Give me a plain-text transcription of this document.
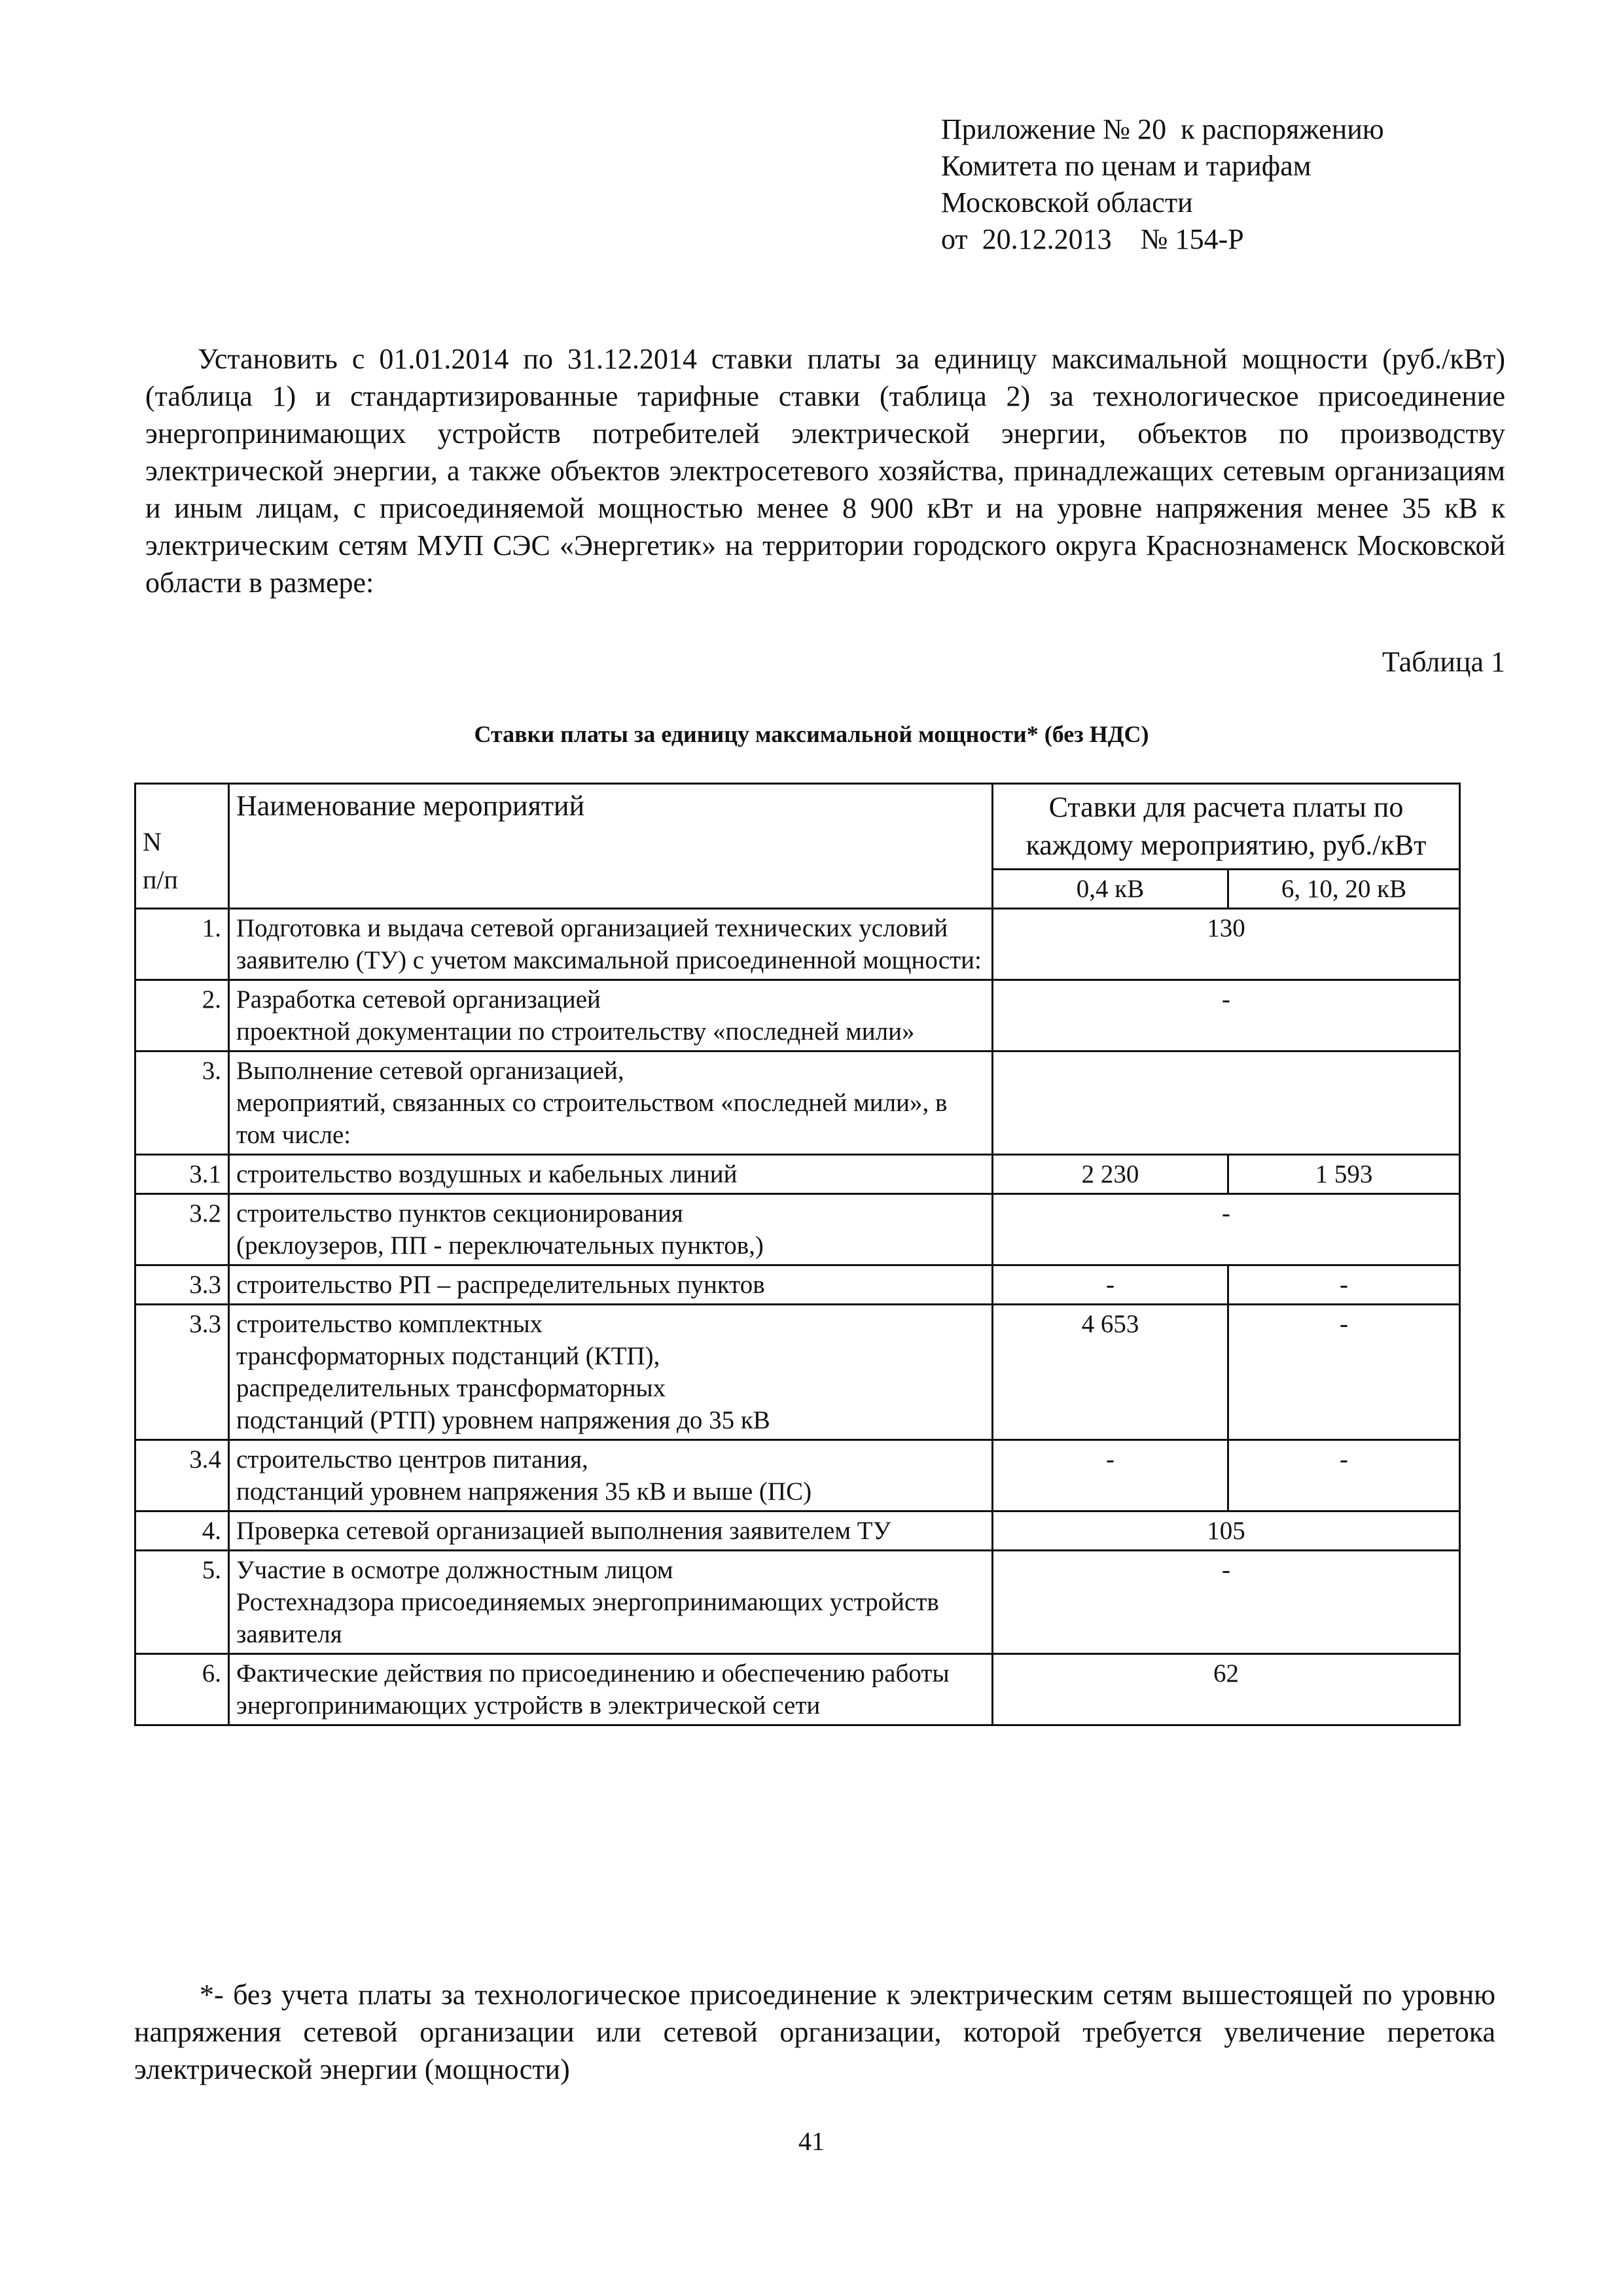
Приложение № 20  к распоряжению
Комитета по ценам и тарифам
Московской области
от  20.12.2013    № 154-Р

Установить с 01.01.2014 по 31.12.2014 ставки платы за единицу максимальной мощности (руб./кВт) (таблица 1) и стандартизированные тарифные ставки (таблица 2) за технологическое присоединение энергопринимающих устройств потребителей электрической энергии, объектов по производству электрической энергии, а также объектов электросетевого хозяйства, принадлежащих сетевым организациям и иным лицам, с присоединяемой мощностью менее 8 900 кВт и на уровне напряжения менее 35 кВ к электрическим сетям МУП СЭС «Энергетик» на территории городского округа Краснознаменск Московской области в размере:

Таблица 1
Ставки платы за единицу максимальной мощности* (без НДС)
N
п/п	Наименование мероприятий	Ставки для расчета платы по каждому мероприятию, руб./кВт	
		0,4 кВ	6, 10, 20 кВ
1.	Подготовка и выдача сетевой организацией технических условий заявителю (ТУ) с учетом максимальной присоединенной мощности:	130	
2.	Разработка сетевой организацией
проектной документации по строительству «последней мили»	-	
3.	Выполнение сетевой организацией,
мероприятий, связанных со строительством «последней мили», в том числе:		
3.1	строительство воздушных и кабельных линий	2 230	1 593
3.2	строительство пунктов секционирования
(реклоузеров, ПП - переключательных пунктов,)	-	
3.3	строительство РП – распределительных пунктов	-	-
3.3	строительство комплектных
трансформаторных подстанций (КТП),
распределительных трансформаторных
подстанций (РТП) уровнем напряжения до 35 кВ	4 653	-
3.4	строительство центров питания,
подстанций уровнем напряжения 35 кВ и выше (ПС)	-	-
4.	Проверка сетевой организацией выполнения заявителем ТУ	105	
5.	Участие в осмотре должностным лицом
Ростехнадзора присоединяемых энергопринимающих устройств заявителя	-	
6.	Фактические действия по присоединению и обеспечению работы энергопринимающих устройств в электрической сети	62	

*- без учета платы за технологическое присоединение к электрическим сетям вышестоящей по уровню напряжения сетевой организации или сетевой организации, которой требуется увеличение перетока электрической энергии (мощности)

41
